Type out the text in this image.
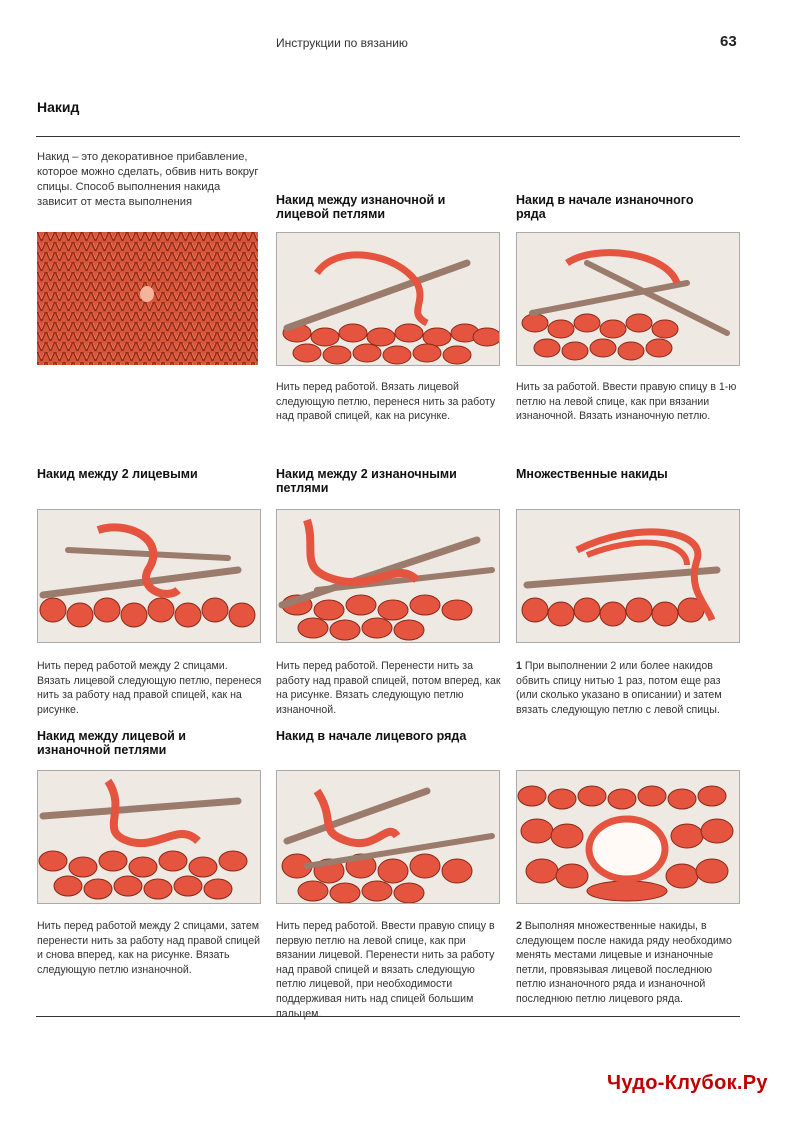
Инструкции по вязанию	63
Накид
Накид – это декоративное прибавление, которое можно сделать, обвив нить вокруг спицы. Способ выполнения накида зависит от места выполнения	Накид между изнаночной и лицевой петлями
Нить перед работой. Вязать лицевой следующую петлю, перенеся нить за работу над правой спицей, как на рисунке.
Накид в начале изнаночного ряда
Нить за работой. Ввести правую спицу в 1-ю петлю на левой спице, как при вязании изнаночной. Вязать изнаночную петлю.
Накид между 2 лицевыми
Нить перед работой между 2 спицами. Вязать лицевой следующую петлю, перенеся нить за работу над правой спицей, как на рисунке.
Накид между 2 изнаночными петлями
Нить перед работой. Перенести нить за работу над правой спицей, потом вперед, как на рисунке. Вязать следующую петлю изнаночной.
Множественные накиды
1 При выполнении 2 или более накидов обвить спицу нитью 1 раз, потом еще раз (или сколько указано в описании) и затем вязать следующую петлю с левой спицы.
Накид между лицевой и изнаночной петлями
Нить перед работой между 2 спицами, затем перенести нить за работу над правой спицей и снова вперед, как на рисунке. Вязать следующую петлю изнаночной.
Накид в начале лицевого ряда
Нить перед работой. Ввести правую спицу в первую петлю на левой спице, как при вязании лицевой. Перенести нить за работу над правой спицей и вязать следующую петлю лицевой, при необходимости поддерживая нить над спицей большим пальцем.
2 Выполняя множественные накиды, в следующем после накида ряду необходимо менять местами лицевые и изнаночные петли, провязывая лицевой последнюю петлю изнаночного ряда и изнаночной последнюю петлю лицевого ряда.
Чудо-Клубок.Ру
